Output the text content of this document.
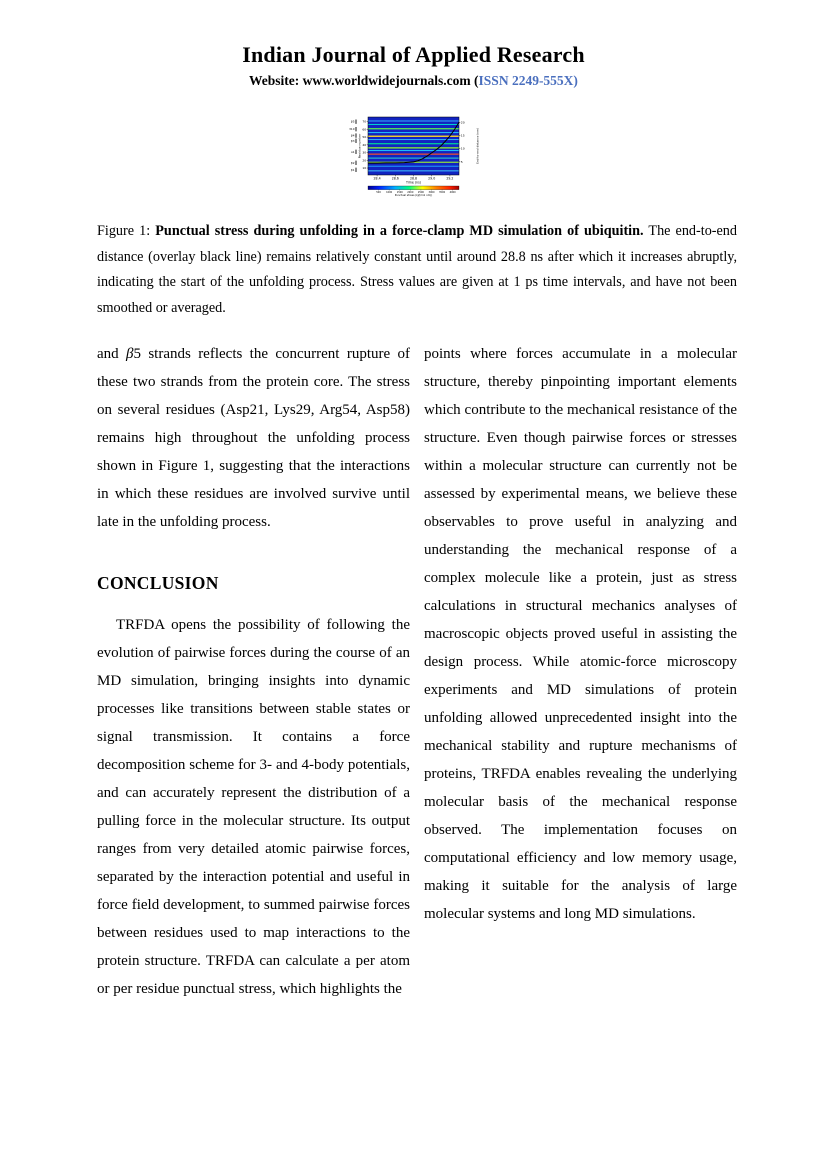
Indian Journal of Applied Research
Website: www.worldwidejournals.com (ISSN 2249-555X)
28.4	28.6	28.8	29.0	29.2
Time (ns)
10
20
30
40
50
60
70
Residue number
β5
310
β4
β3
α1
β2
β1
5
10
15
20
End-to-end distance (nm)
500 1000 1500 2000 2500 3000 3500 4000
Punctual stress (kJ/(mol nm))
Figure 1: Punctual stress during unfolding in a force-clamp MD simulation of ubiquitin. The end-to-end distance (overlay black line) remains relatively constant until around 28.8 ns after which it increases abruptly, indicating the start of the unfolding process. Stress values are given at 1 ps time intervals, and have not been smoothed or averaged.

and β5 strands reflects the concurrent rupture of these two strands from the protein core. The stress on several residues (Asp21, Lys29, Arg54, Asp58) remains high throughout the unfolding process shown in Figure 1, suggesting that the interactions in which these residues are involved survive until late in the unfolding process.

CONCLUSION

TRFDA opens the possibility of following the evolution of pairwise forces during the course of an MD simulation, bringing insights into dynamic processes like transitions between stable states or signal transmission. It contains a force decomposition scheme for 3- and 4-body potentials, and can accurately represent the distribution of a pulling force in the molecular structure. Its output ranges from very detailed atomic pairwise forces, separated by the interaction potential and useful in force field development, to summed pairwise forces between residues used to map interactions to the protein structure. TRFDA can calculate a per atom or per residue punctual stress, which highlights the

points where forces accumulate in a molecular structure, thereby pinpointing important elements which contribute to the mechanical resistance of the structure. Even though pairwise forces or stresses within a molecular structure can currently not be assessed by experimental means, we believe these observables to prove useful in analyzing and understanding the mechanical response of a complex molecule like a protein, just as stress calculations in structural mechanics analyses of macroscopic objects proved useful in assisting the design process. While atomic-force microscopy experiments and MD simulations of protein unfolding allowed unprecedented insight into the mechanical stability and rupture mechanisms of proteins, TRFDA enables revealing the underlying molecular basis of the mechanical response observed. The implementation focuses on computational efficiency and low memory usage, making it suitable for the analysis of large molecular systems and long MD simulations.
